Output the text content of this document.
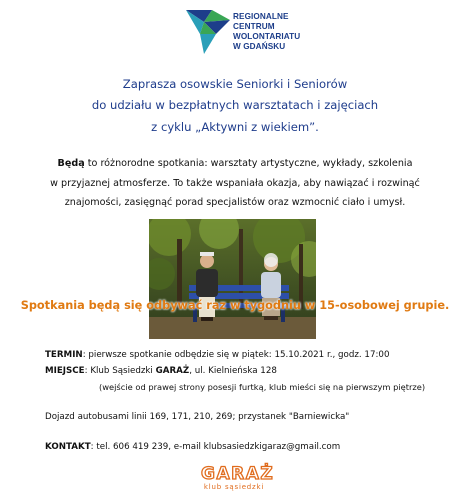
REGIONALNE
CENTRUM
WOLONTARIATU
W GDAŃSKU
Zaprasza osowskie Seniorki i Seniorów
do udziału w bezpłatnych warsztatach i zajęciach
z cyklu „Aktywni z wiekiem”.
Będą to różnorodne spotkania: warsztaty artystyczne, wykłady, szkolenia
w przyjaznej atmosferze. To także wspaniała okazja, aby nawiązać i rozwinąć
znajomości, zasięgnąć porad specjalistów oraz wzmocnić ciało i umysł.
Spotkania będą się odbywać raz w tygodniu w 15-osobowej grupie.
TERMIN: pierwsze spotkanie odbędzie się w piątek: 15.10.2021 r., godz. 17:00
MIEJSCE: Klub Sąsiedzki GARAŻ, ul. Kielnieńska 128
(wejście od prawej strony posesji furtką, klub mieści się na pierwszym piętrze)
Dojazd autobusami linii 169, 171, 210, 269; przystanek "Barniewicka"
KONTAKT: tel. 606 419 239, e-mail klubsasiedzkigaraz@gmail.com
GARAŻ
klub sąsiedzki
